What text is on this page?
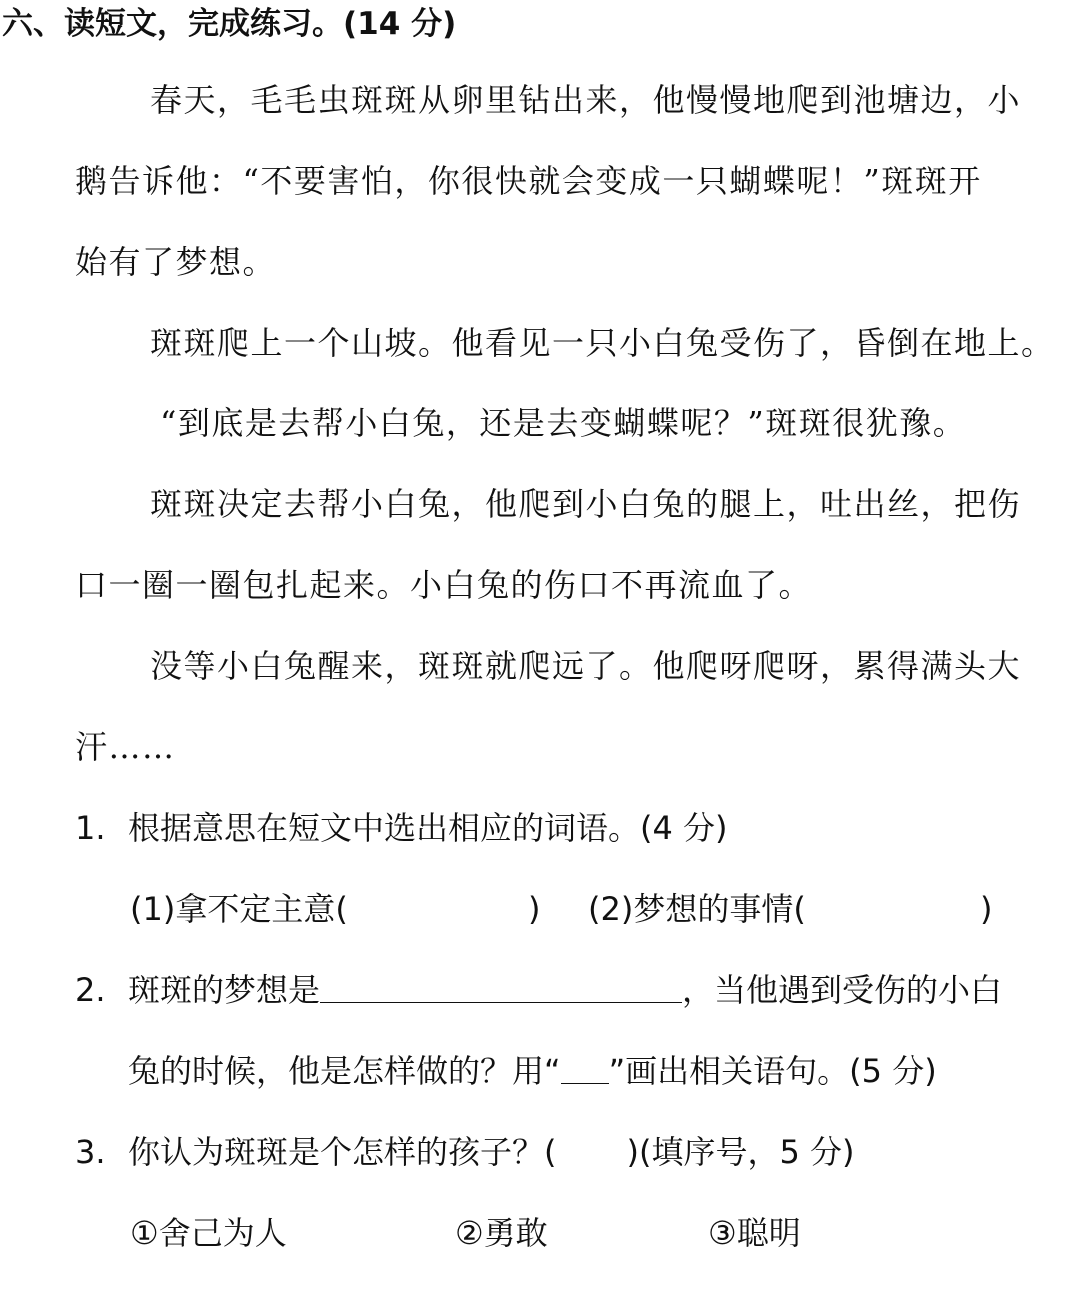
六、读短文，完成练习。(14 分)
春天，毛毛虫斑斑从卵里钻出来，他慢慢地爬到池塘边，小
鹅告诉他：“不要害怕，你很快就会变成一只蝴蝶呢！”斑斑开
始有了梦想。
斑斑爬上一个山坡。他看见一只小白兔受伤了，昏倒在地上。
“到底是去帮小白兔，还是去变蝴蝶呢？”斑斑很犹豫。
斑斑决定去帮小白兔，他爬到小白兔的腿上，吐出丝，把伤
口一圈一圈包扎起来。小白兔的伤口不再流血了。
没等小白兔醒来，斑斑就爬远了。他爬呀爬呀，累得满头大
汗……
1. 根据意思在短文中选出相应的词语。(4 分)
(1)拿不定主意(	) (2)梦想的事情(	)
2. 斑斑的梦想是	，当他遇到受伤的小白
兔的时候，他是怎样做的？用“ ”画出相关语句。(5 分)
3. 你认为斑斑是个怎样的孩子？( )(填序号，5 分)
①舍己为人	②勇敢	③聪明
